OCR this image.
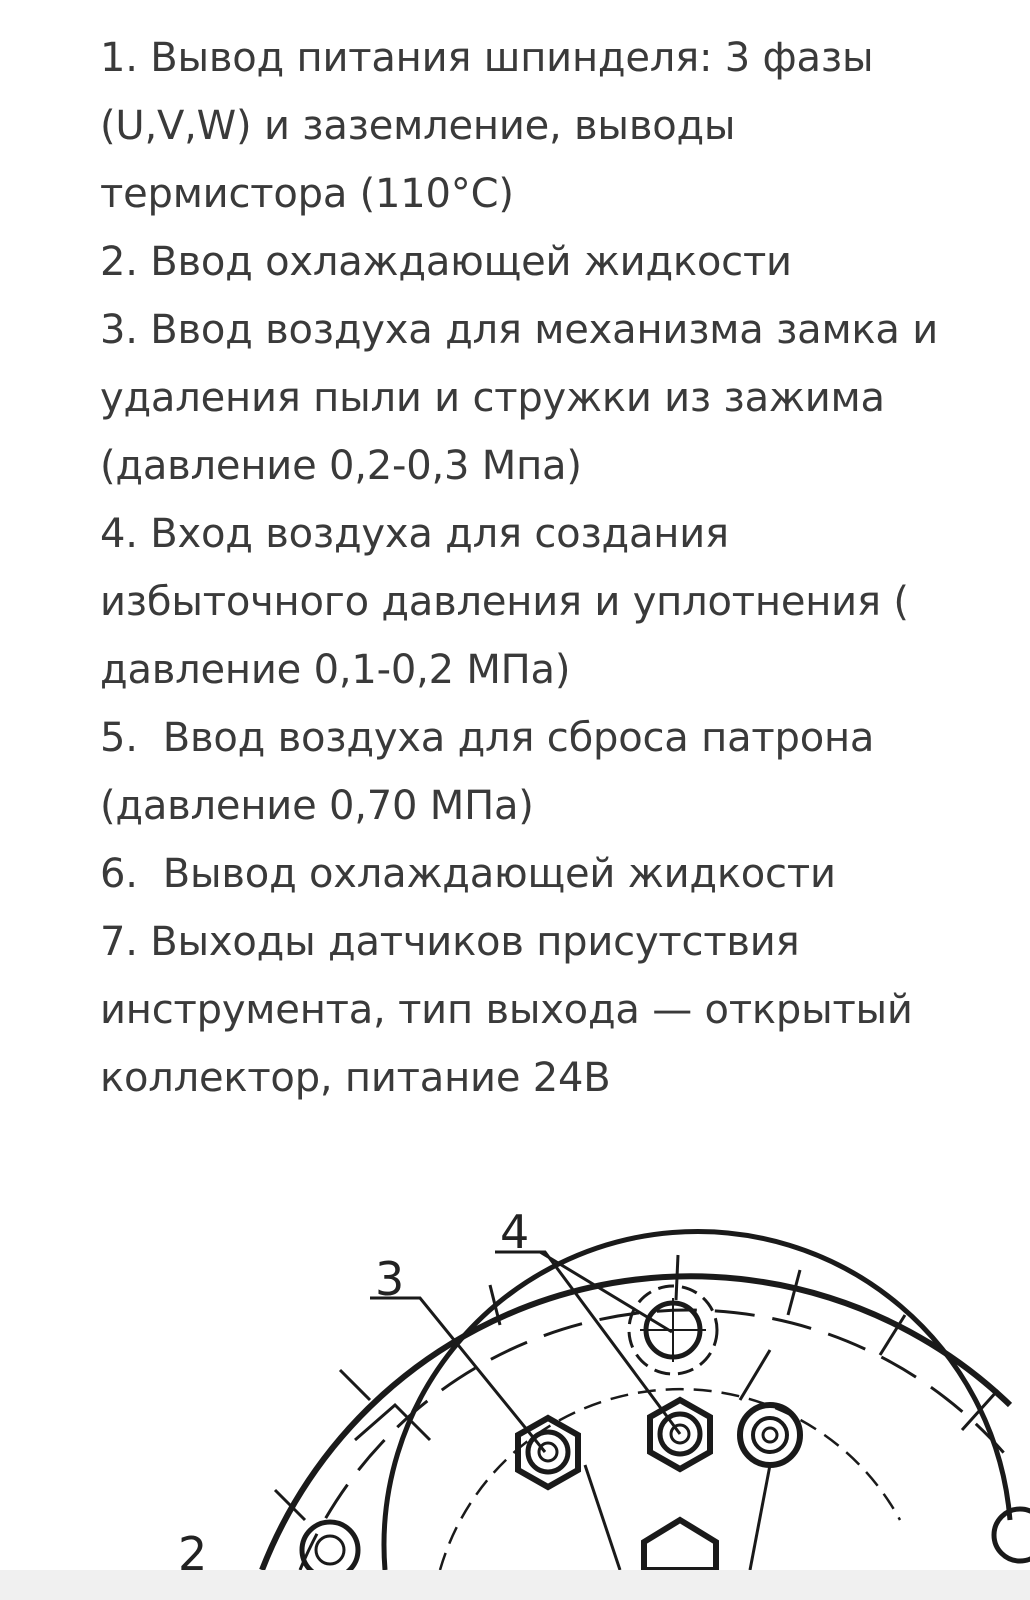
1. Вывод питания шпинделя: 3 фазы (U,V,W) и заземление, выводы термистора (110°C)

2. Ввод охлаждающей жидкости

3. Ввод воздуха для механизма замка и удаления пыли и стружки из зажима (давление 0,2-0,3 Мпа)

4. Вход воздуха для создания избыточного давления и уплотнения ( давление 0,1-0,2 МПа)

5.  Ввод воздуха для сброса патрона (давление 0,70 МПа)

6.  Вывод охлаждающей жидкости

7. Выходы датчиков присутствия инструмента, тип выхода — открытый коллектор, питание 24В

2
3
4
